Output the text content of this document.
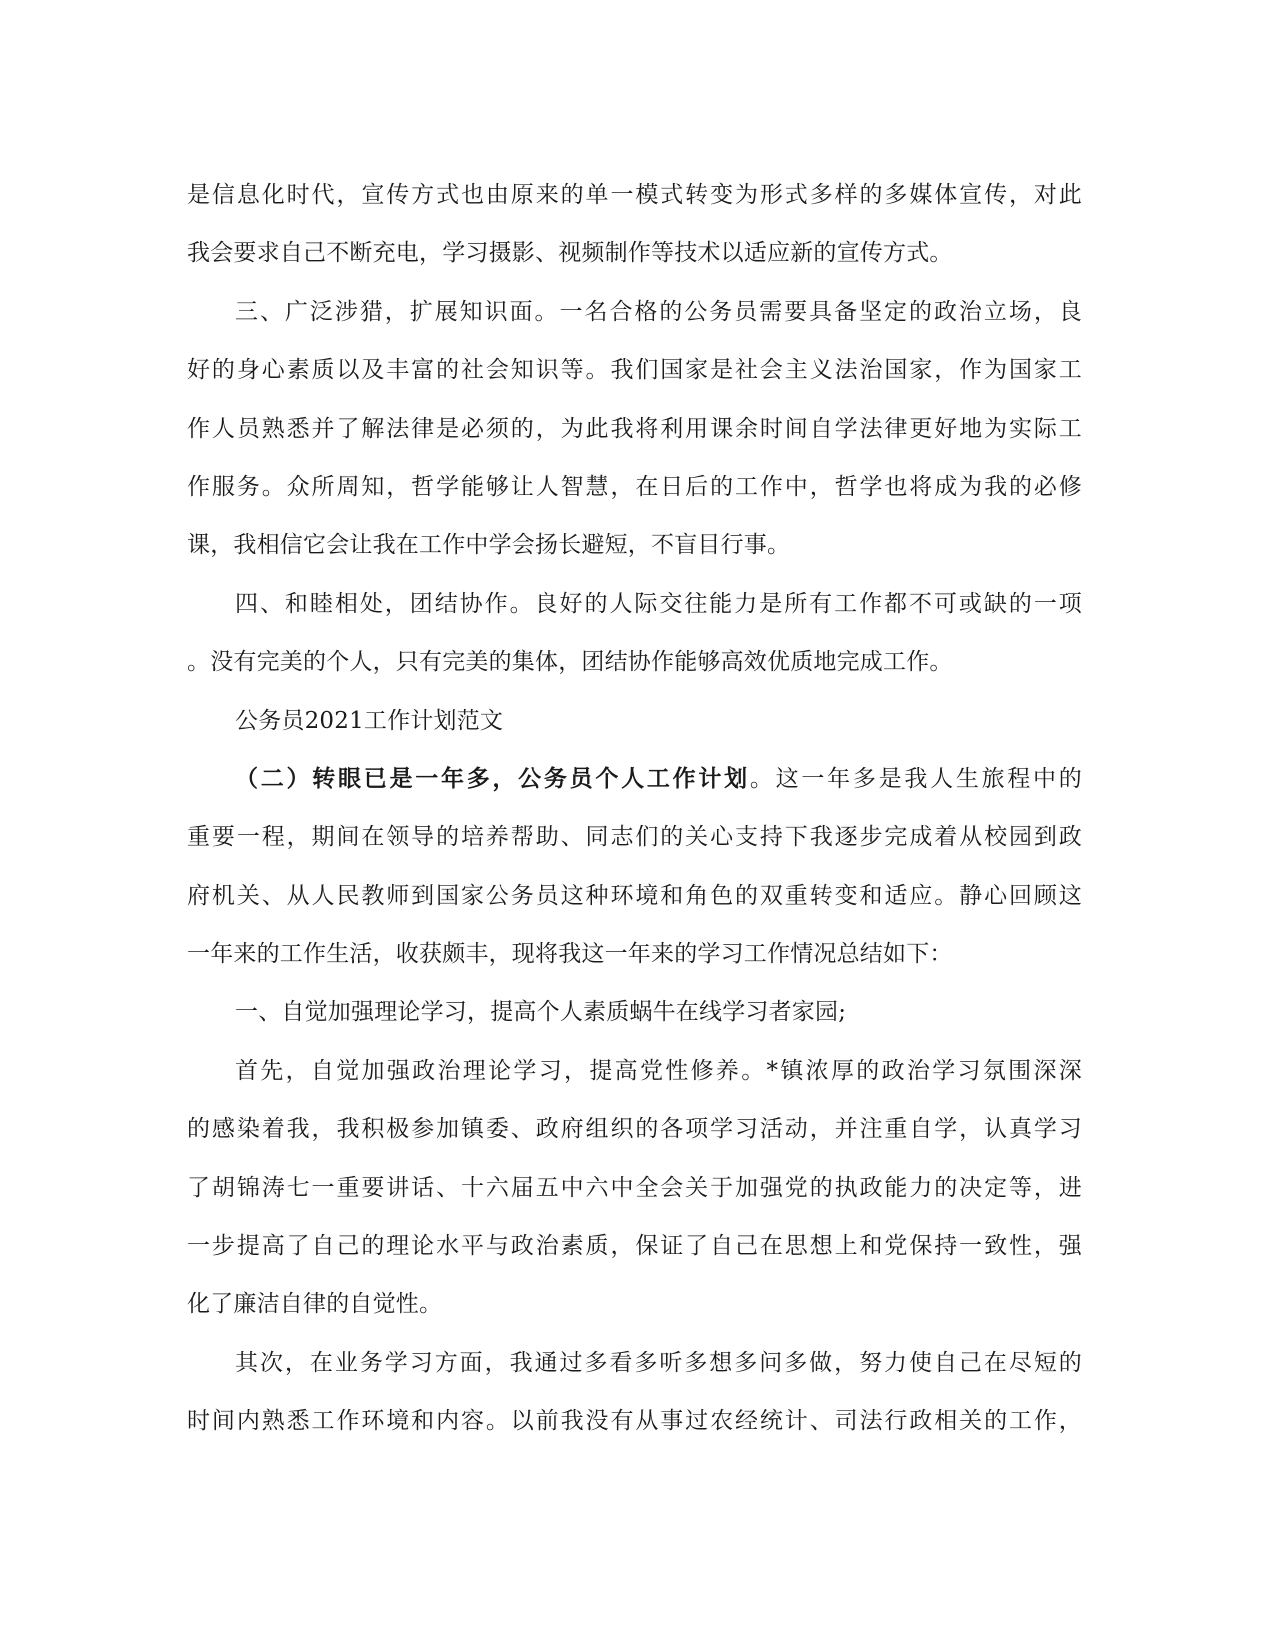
是信息化时代，宣传方式也由原来的单一模式转变为形式多样的多媒体宣传，对此
我会要求自己不断充电，学习摄影、视频制作等技术以适应新的宣传方式。
三、广泛涉猎，扩展知识面。一名合格的公务员需要具备坚定的政治立场，良
好的身心素质以及丰富的社会知识等。我们国家是社会主义法治国家，作为国家工
作人员熟悉并了解法律是必须的，为此我将利用课余时间自学法律更好地为实际工
作服务。众所周知，哲学能够让人智慧，在日后的工作中，哲学也将成为我的必修
课，我相信它会让我在工作中学会扬长避短，不盲目行事。
四、和睦相处，团结协作。良好的人际交往能力是所有工作都不可或缺的一项
。没有完美的个人，只有完美的集体，团结协作能够高效优质地完成工作。
公务员2021工作计划范文
（二）转眼已是一年多，公务员个人工作计划。这一年多是我人生旅程中的
重要一程，期间在领导的培养帮助、同志们的关心支持下我逐步完成着从校园到政
府机关、从人民教师到国家公务员这种环境和角色的双重转变和适应。静心回顾这
一年来的工作生活，收获颇丰，现将我这一年来的学习工作情况总结如下：
一、自觉加强理论学习，提高个人素质蜗牛在线学习者家园;
首先，自觉加强政治理论学习，提高党性修养。*镇浓厚的政治学习氛围深深
的感染着我，我积极参加镇委、政府组织的各项学习活动，并注重自学，认真学习
了胡锦涛七一重要讲话、十六届五中六中全会关于加强党的执政能力的决定等，进
一步提高了自己的理论水平与政治素质，保证了自己在思想上和党保持一致性，强
化了廉洁自律的自觉性。
其次，在业务学习方面，我通过多看多听多想多问多做，努力使自己在尽短的
时间内熟悉工作环境和内容。以前我没有从事过农经统计、司法行政相关的工作，
